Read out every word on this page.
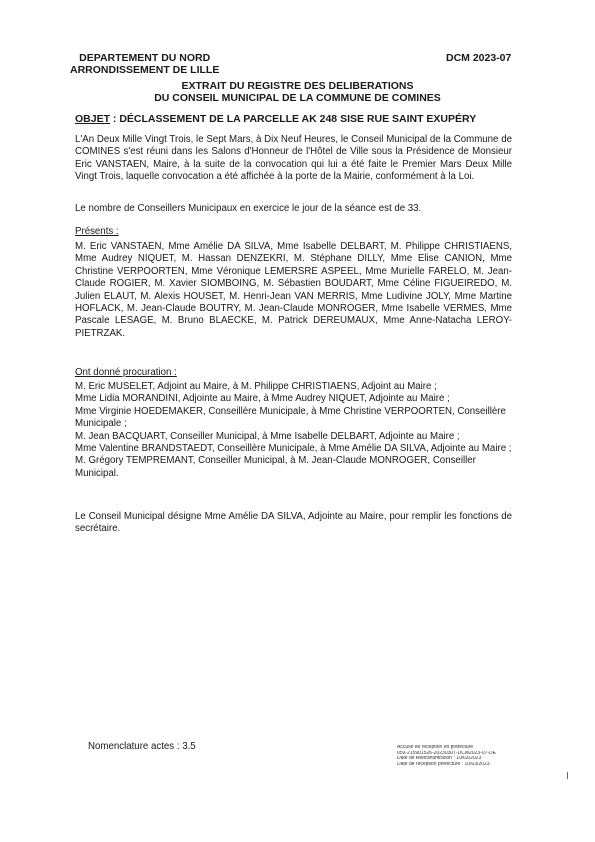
DEPARTEMENT DU NORD
ARRONDISSEMENT DE LILLE
DCM 2023-07
EXTRAIT DU REGISTRE DES DELIBERATIONS
DU CONSEIL MUNICIPAL DE LA COMMUNE DE COMINES
OBJET : DÉCLASSEMENT DE LA PARCELLE AK 248 SISE RUE SAINT EXUPÉRY
L'An Deux Mille Vingt Trois, le Sept Mars, à Dix Neuf Heures, le Conseil Municipal de la Commune de COMINES s'est réuni dans les Salons d'Honneur de l'Hôtel de Ville sous la Présidence de Monsieur Eric VANSTAEN, Maire, à la suite de la convocation qui lui a été faite le Premier Mars Deux Mille Vingt Trois, laquelle convocation a été affichée à la porte de la Mairie, conformément à la Loi.
Le nombre de Conseillers Municipaux en exercice le jour de la séance est de 33.
Présents :
M. Eric VANSTAEN, Mme Amélie DA SILVA, Mme Isabelle DELBART, M. Philippe CHRISTIAENS, Mme Audrey NIQUET, M. Hassan DENZEKRI, M. Stéphane DILLY, Mme Elise CANION, Mme Christine VERPOORTEN, Mme Véronique LEMERSRE ASPEEL, Mme Murielle FARELO, M. Jean-Claude ROGIER, M. Xavier SIOMBOING, M. Sébastien BOUDART, Mme Céline FIGUEIREDO, M. Julien ELAUT, M. Alexis HOUSET, M. Henri-Jean VAN MERRIS, Mme Ludivine JOLY, Mme Martine HOFLACK, M. Jean-Claude BOUTRY, M. Jean-Claude MONROGER, Mme Isabelle VERMES, Mme Pascale LESAGE, M. Bruno BLAECKE, M. Patrick DEREUMAUX, Mme Anne-Natacha LEROY-PIETRZAK.
Ont donné procuration :
M. Eric MUSELET, Adjoint au Maire, à M. Philippe CHRISTIAENS, Adjoint au Maire ;
Mme Lidia MORANDINI, Adjointe au Maire, à Mme Audrey NIQUET, Adjointe au Maire ;
Mme Virginie HOEDEMAKER, Conseillère Municipale, à Mme Christine VERPOORTEN, Conseillère Municipale ;
M. Jean BACQUART, Conseiller Municipal, à Mme Isabelle DELBART, Adjointe au Maire ;
Mme Valentine BRANDSTAEDT, Conseillère Municipale, à Mme Amélie DA SILVA, Adjointe au Maire ;
M. Grégory TEMPREMANT, Conseiller Municipal, à M. Jean-Claude MONROGER, Conseiller Municipal.
Le Conseil Municipal désigne Mme Amélie DA SILVA, Adjointe au Maire, pour remplir les fonctions de secrétaire.
Nomenclature actes : 3.5	Accusé de réception en préfecture
059-215901526-20230307-DCM2023-07-DE
Date de télétransmission : 10/03/2023
Date de réception préfecture : 10/03/2023
